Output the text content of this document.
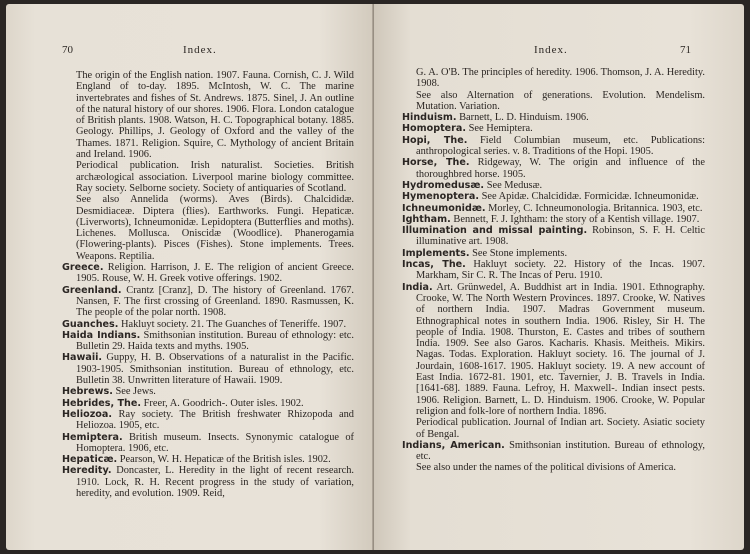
70	Index.

The origin of the English nation. 1907. Fauna. Cornish, C. J. Wild England of to-day. 1895. McIntosh, W. C. The marine invertebrates and fishes of St. Andrews. 1875. Sinel, J. An outline of the natural history of our shores. 1906. Flora. London catalogue of British plants. 1908. Watson, H. C. Topographical botany. 1885. Geology. Phillips, J. Geology of Oxford and the valley of the Thames. 1871. Religion. Squire, C. Mythology of ancient Britain and Ireland. 1906.

Periodical publication. Irish naturalist. Societies. British archæological association. Liverpool marine biology committee. Ray society. Selborne society. Society of antiquaries of Scotland.

See also Annelida (worms). Aves (Birds). Chalcididæ. Desmidiaceæ. Diptera (flies). Earthworks. Fungi. Hepaticæ. (Liverworts), Ichneumonidæ. Lepidoptera (Butterflies and moths). Lichenes. Mollusca. Oniscidæ (Woodlice). Phanerogamia (Flowering-plants). Pisces (Fishes). Stone implements. Trees. Weapons. Reptilia.

Greece. Religion. Harrison, J. E. The religion of ancient Greece. 1905. Rouse, W. H. Greek votive offerings. 1902.

Greenland. Crantz [Cranz], D. The history of Greenland. 1767. Nansen, F. The first crossing of Greenland. 1890. Rasmussen, K. The people of the polar north. 1908.

Guanches. Hakluyt society. 21. The Guanches of Teneriffe. 1907.

Haida Indians. Smithsonian institution. Bureau of ethnology: etc. Bulletin 29. Haida texts and myths. 1905.

Hawaii. Guppy, H. B. Observations of a naturalist in the Pacific. 1903-1905. Smithsonian institution. Bureau of ethnology, etc. Bulletin 38. Unwritten literature of Hawaii. 1909.

Hebrews. See Jews.

Hebrides, The. Freer, A. Goodrich-. Outer isles. 1902.

Heliozoa. Ray society. The British freshwater Rhizopoda and Heliozoa. 1905, etc.

Hemiptera. British museum. Insects. Synonymic catalogue of Homoptera. 1906, etc.

Hepaticæ. Pearson, W. H. Hepaticæ of the British isles. 1902.

Heredity. Doncaster, L. Heredity in the light of recent research. 1910. Lock, R. H. Recent progress in the study of variation, heredity, and evolution. 1909. Reid,

Index.	71

G. A. O'B. The principles of heredity. 1906. Thomson, J. A. Heredity. 1908.

See also Alternation of generations. Evolution. Mendelism. Mutation. Variation.

Hinduism. Barnett, L. D. Hinduism. 1906.

Homoptera. See Hemiptera.

Hopi, The. Field Columbian museum, etc. Publications: anthropological series. v. 8. Traditions of the Hopi. 1905.

Horse, The. Ridgeway, W. The origin and influence of the thoroughbred horse. 1905.

Hydromedusæ. See Medusæ.

Hymenoptera. See Apidæ. Chalcididæ. Formicidæ. Ichneumonidæ.

Ichneumonidæ. Morley, C. Ichneumonologia. Britannica. 1903, etc.

Ightham. Bennett, F. J. Ightham: the story of a Kentish village. 1907.

Illumination and missal painting. Robinson, S. F. H. Celtic illuminative art. 1908.

Implements. See Stone implements.

Incas, The. Hakluyt society. 22. History of the Incas. 1907. Markham, Sir C. R. The Incas of Peru. 1910.

India. Art. Grünwedel, A. Buddhist art in India. 1901. Ethnography. Crooke, W. The North Western Provinces. 1897. Crooke, W. Natives of northern India. 1907. Madras Government museum. Ethnographical notes in southern India. 1906. Risley, Sir H. The people of India. 1908. Thurston, E. Castes and tribes of southern India. 1909. See also Garos. Kacharis. Khasis. Meitheis. Mikirs. Nagas. Todas. Exploration. Hakluyt society. 16. The journal of J. Jourdain, 1608-1617. 1905. Hakluyt society. 19. A new account of East India. 1672-81. 1901, etc. Tavernier, J. B. Travels in India. [1641-68]. 1889. Fauna. Lefroy, H. Maxwell-. Indian insect pests. 1906. Religion. Barnett, L. D. Hinduism. 1906. Crooke, W. Popular religion and folk-lore of northern India. 1896.

Periodical publication. Journal of Indian art. Society. Asiatic society of Bengal.

Indians, American. Smithsonian institution. Bureau of ethnology, etc.

See also under the names of the political divisions of America.
